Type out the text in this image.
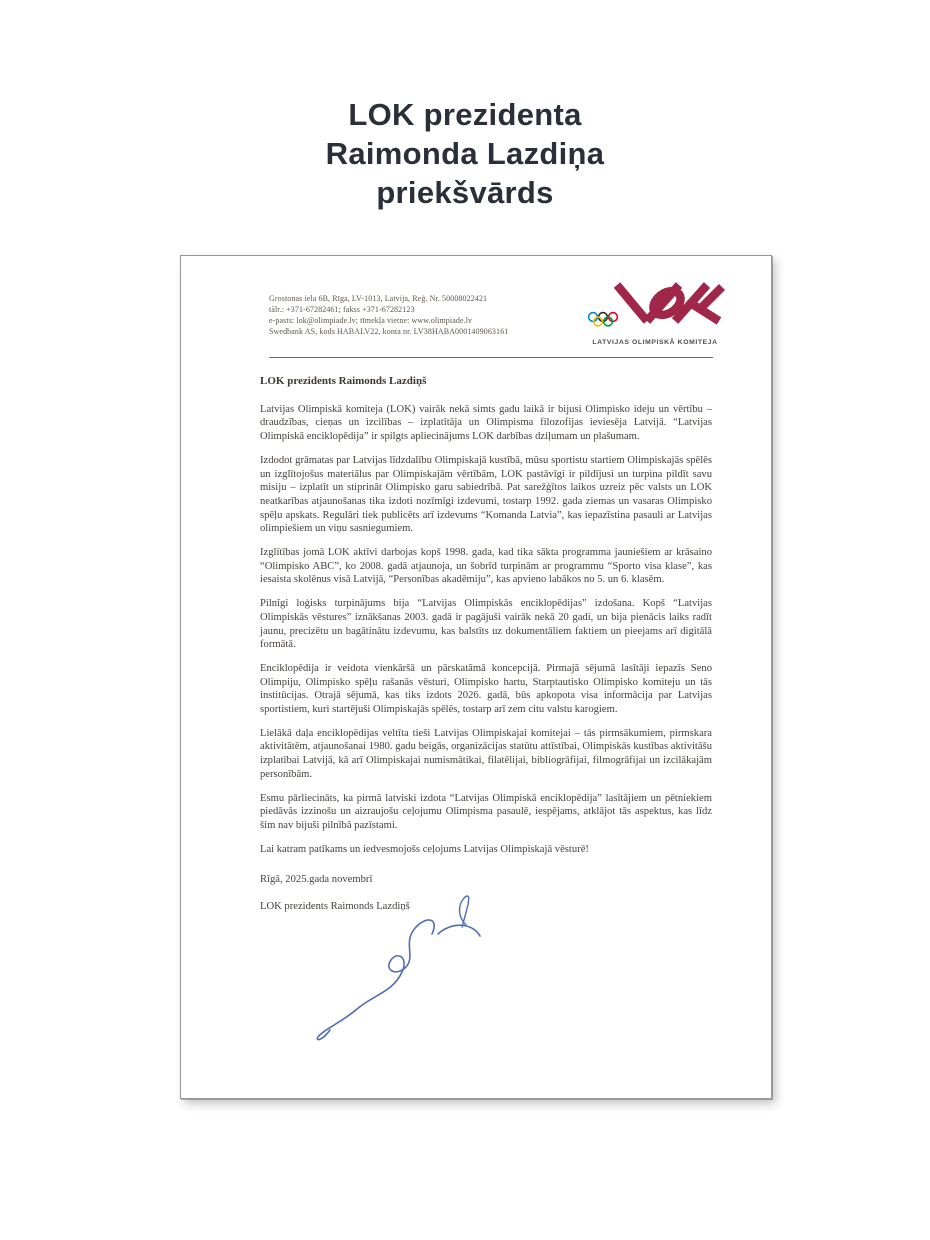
LOK prezidenta
Raimonda Lazdiņa
priekšvārds
Grostonas iela 6B, Rīga, LV-1013, Latvija, Reģ. Nr. 50008022421
tālr.: +371-67282461; fakss +371-67282123
e-pasts: lok@olimpiade.lv; tīmekļa vietne: www.olimpiade.lv
Swedbank AS, kods HABALV22, konta nr. LV38HABA0001409063161
LATVIJAS OLIMPISKĀ KOMITEJA
LOK prezidents Raimonds Lazdiņš

Latvijas Olimpiskā komiteja (LOK) vairāk nekā simts gadu laikā ir bijusi Olimpisko ideju un vērtību – draudzības, cieņas un izcilības – izplatītāja un Olimpisma filozofijas ieviesēja Latvijā. “Latvijas Olimpiskā enciklopēdija” ir spilgts apliecinājums LOK darbības dziļumam un plašumam.

Izdodot grāmatas par Latvijas līdzdalību Olimpiskajā kustībā, mūsu sportistu startiem Olimpiskajās spēlēs un izglītojošus materiālus par Olimpiskajām vērtībām, LOK pastāvīgi ir pildījusi un turpina pildīt savu misiju – izplatīt un stiprināt Olimpisko garu sabiedrībā. Pat sarežģītos laikos uzreiz pēc valsts un LOK neatkarības atjaunošanas tika izdoti nozīmīgi izdevumi, tostarp 1992. gada ziemas un vasaras Olimpisko spēļu apskats. Regulāri tiek publicēts arī izdevums “Komanda Latvia”, kas iepazīstina pasauli ar Latvijas olimpiešiem un viņu sasniegumiem.

Izglītības jomā LOK aktīvi darbojas kopš 1998. gada, kad tika sākta programma jauniešiem ar krāsaino “Olimpisko ABC”, ko 2008. gadā atjaunoja, un šobrīd turpinām ar programmu “Sporto visa klase”, kas iesaista skolēnus visā Latvijā, “Personības akadēmiju”, kas apvieno labākos no 5. un 6. klasēm.

Pilnīgi loģisks turpinājums bija “Latvijas Olimpiskās enciklopēdijas” izdošana. Kopš “Latvijas Olimpiskās vēstures” iznākšanas 2003. gadā ir pagājuši vairāk nekā 20 gadi, un bija pienācis laiks radīt jaunu, precizētu un bagātinātu izdevumu, kas balstīts uz dokumentāliem faktiem un pieejams arī digitālā formātā.

Enciklopēdija ir veidota vienkāršā un pārskatāmā koncepcijā. Pirmajā sējumā lasītāji iepazīs Seno Olimpiju, Olimpisko spēļu rašanās vēsturi, Olimpisko hartu, Starptautisko Olimpisko komiteju un tās institūcijas. Otrajā sējumā, kas tiks izdots 2026. gadā, būs apkopota visa informācija par Latvijas sportistiem, kuri startējuši Olimpiskajās spēlēs, tostarp arī zem citu valstu karogiem.

Lielākā daļa enciklopēdijas veltīta tieši Latvijas Olimpiskajai komitejai – tās pirmsākumiem, pirmskara aktivitātēm, atjaunošanai 1980. gadu beigās, organizācijas statūtu attīstībai, Olimpiskās kustības aktivitāšu izplatībai Latvijā, kā arī Olimpiskajai numismātikai, filatēlijai, bibliogrāfijai, filmogrāfijai un izcilākajām personībām.

Esmu pārliecināts, ka pirmā latviski izdota “Latvijas Olimpiskā enciklopēdija” lasītājiem un pētniekiem piedāvās izzinošu un aizraujošu ceļojumu Olimpisma pasaulē, iespējams, atklājot tās aspektus, kas līdz šim nav bijuši pilnībā pazīstami.

Lai katram patīkams un iedvesmojošs ceļojums Latvijas Olimpiskajā vēsturē!

Rīgā, 2025.gada novembrī

LOK prezidents Raimonds Lazdiņš
